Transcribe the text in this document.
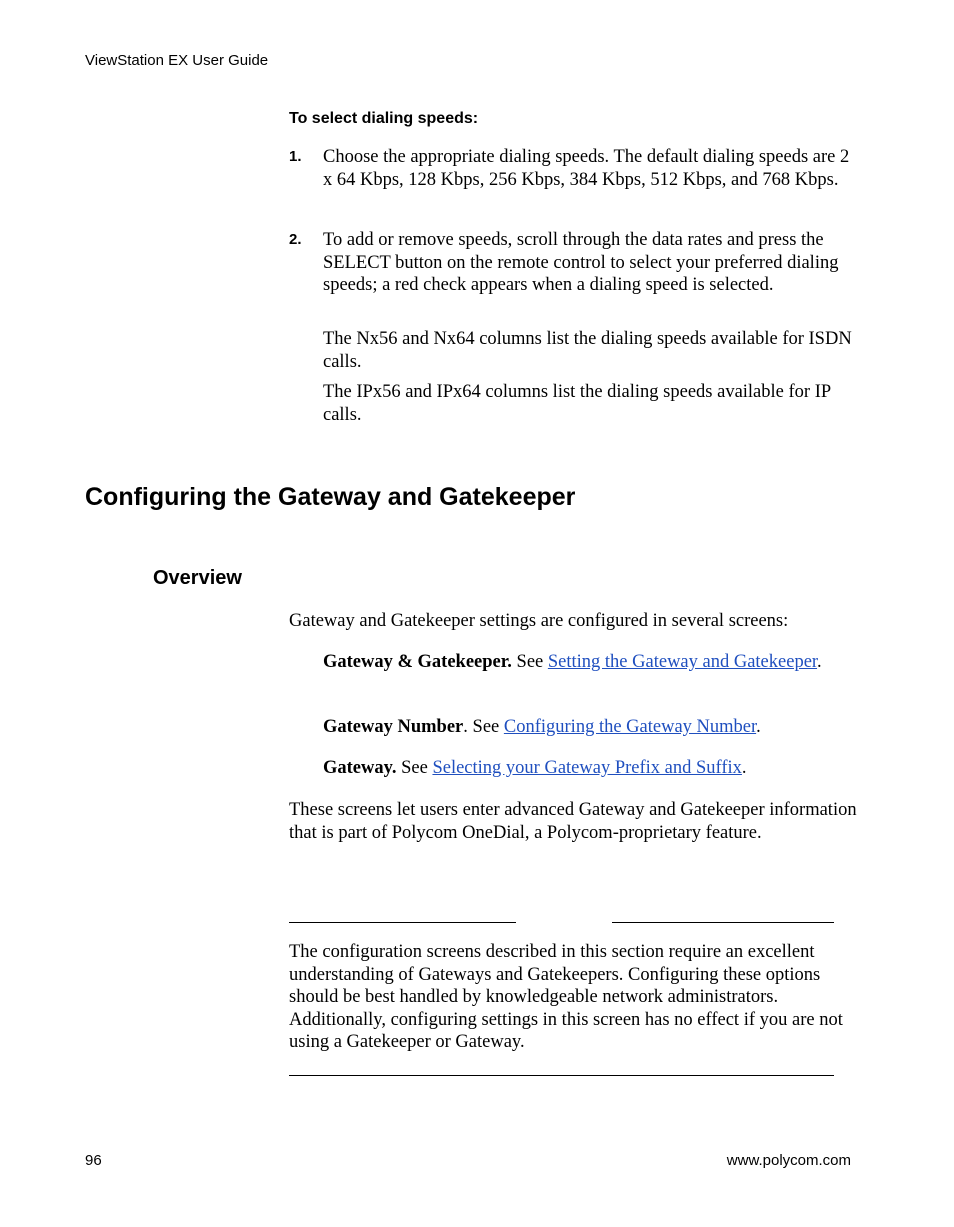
ViewStation EX User Guide
To select dialing speeds:
1. Choose the appropriate dialing speeds. The default dialing speeds are 2 x 64 Kbps, 128 Kbps, 256 Kbps, 384 Kbps, 512 Kbps, and 768 Kbps.
2. To add or remove speeds, scroll through the data rates and press the SELECT button on the remote control to select your preferred dialing speeds; a red check appears when a dialing speed is selected.
The Nx56 and Nx64 columns list the dialing speeds available for ISDN calls.
The IPx56 and IPx64 columns list the dialing speeds available for IP calls.
Configuring the Gateway and Gatekeeper
Overview
Gateway and Gatekeeper settings are configured in several screens:
Gateway & Gatekeeper. See Setting the Gateway and Gatekeeper.
Gateway Number. See Configuring the Gateway Number.
Gateway. See Selecting your Gateway Prefix and Suffix.
These screens let users enter advanced Gateway and Gatekeeper information that is part of Polycom OneDial, a Polycom-proprietary feature.
The configuration screens described in this section require an excellent understanding of Gateways and Gatekeepers. Configuring these options should be best handled by knowledgeable network administrators. Additionally, configuring settings in this screen has no effect if you are not using a Gatekeeper or Gateway.
96	www.polycom.com
